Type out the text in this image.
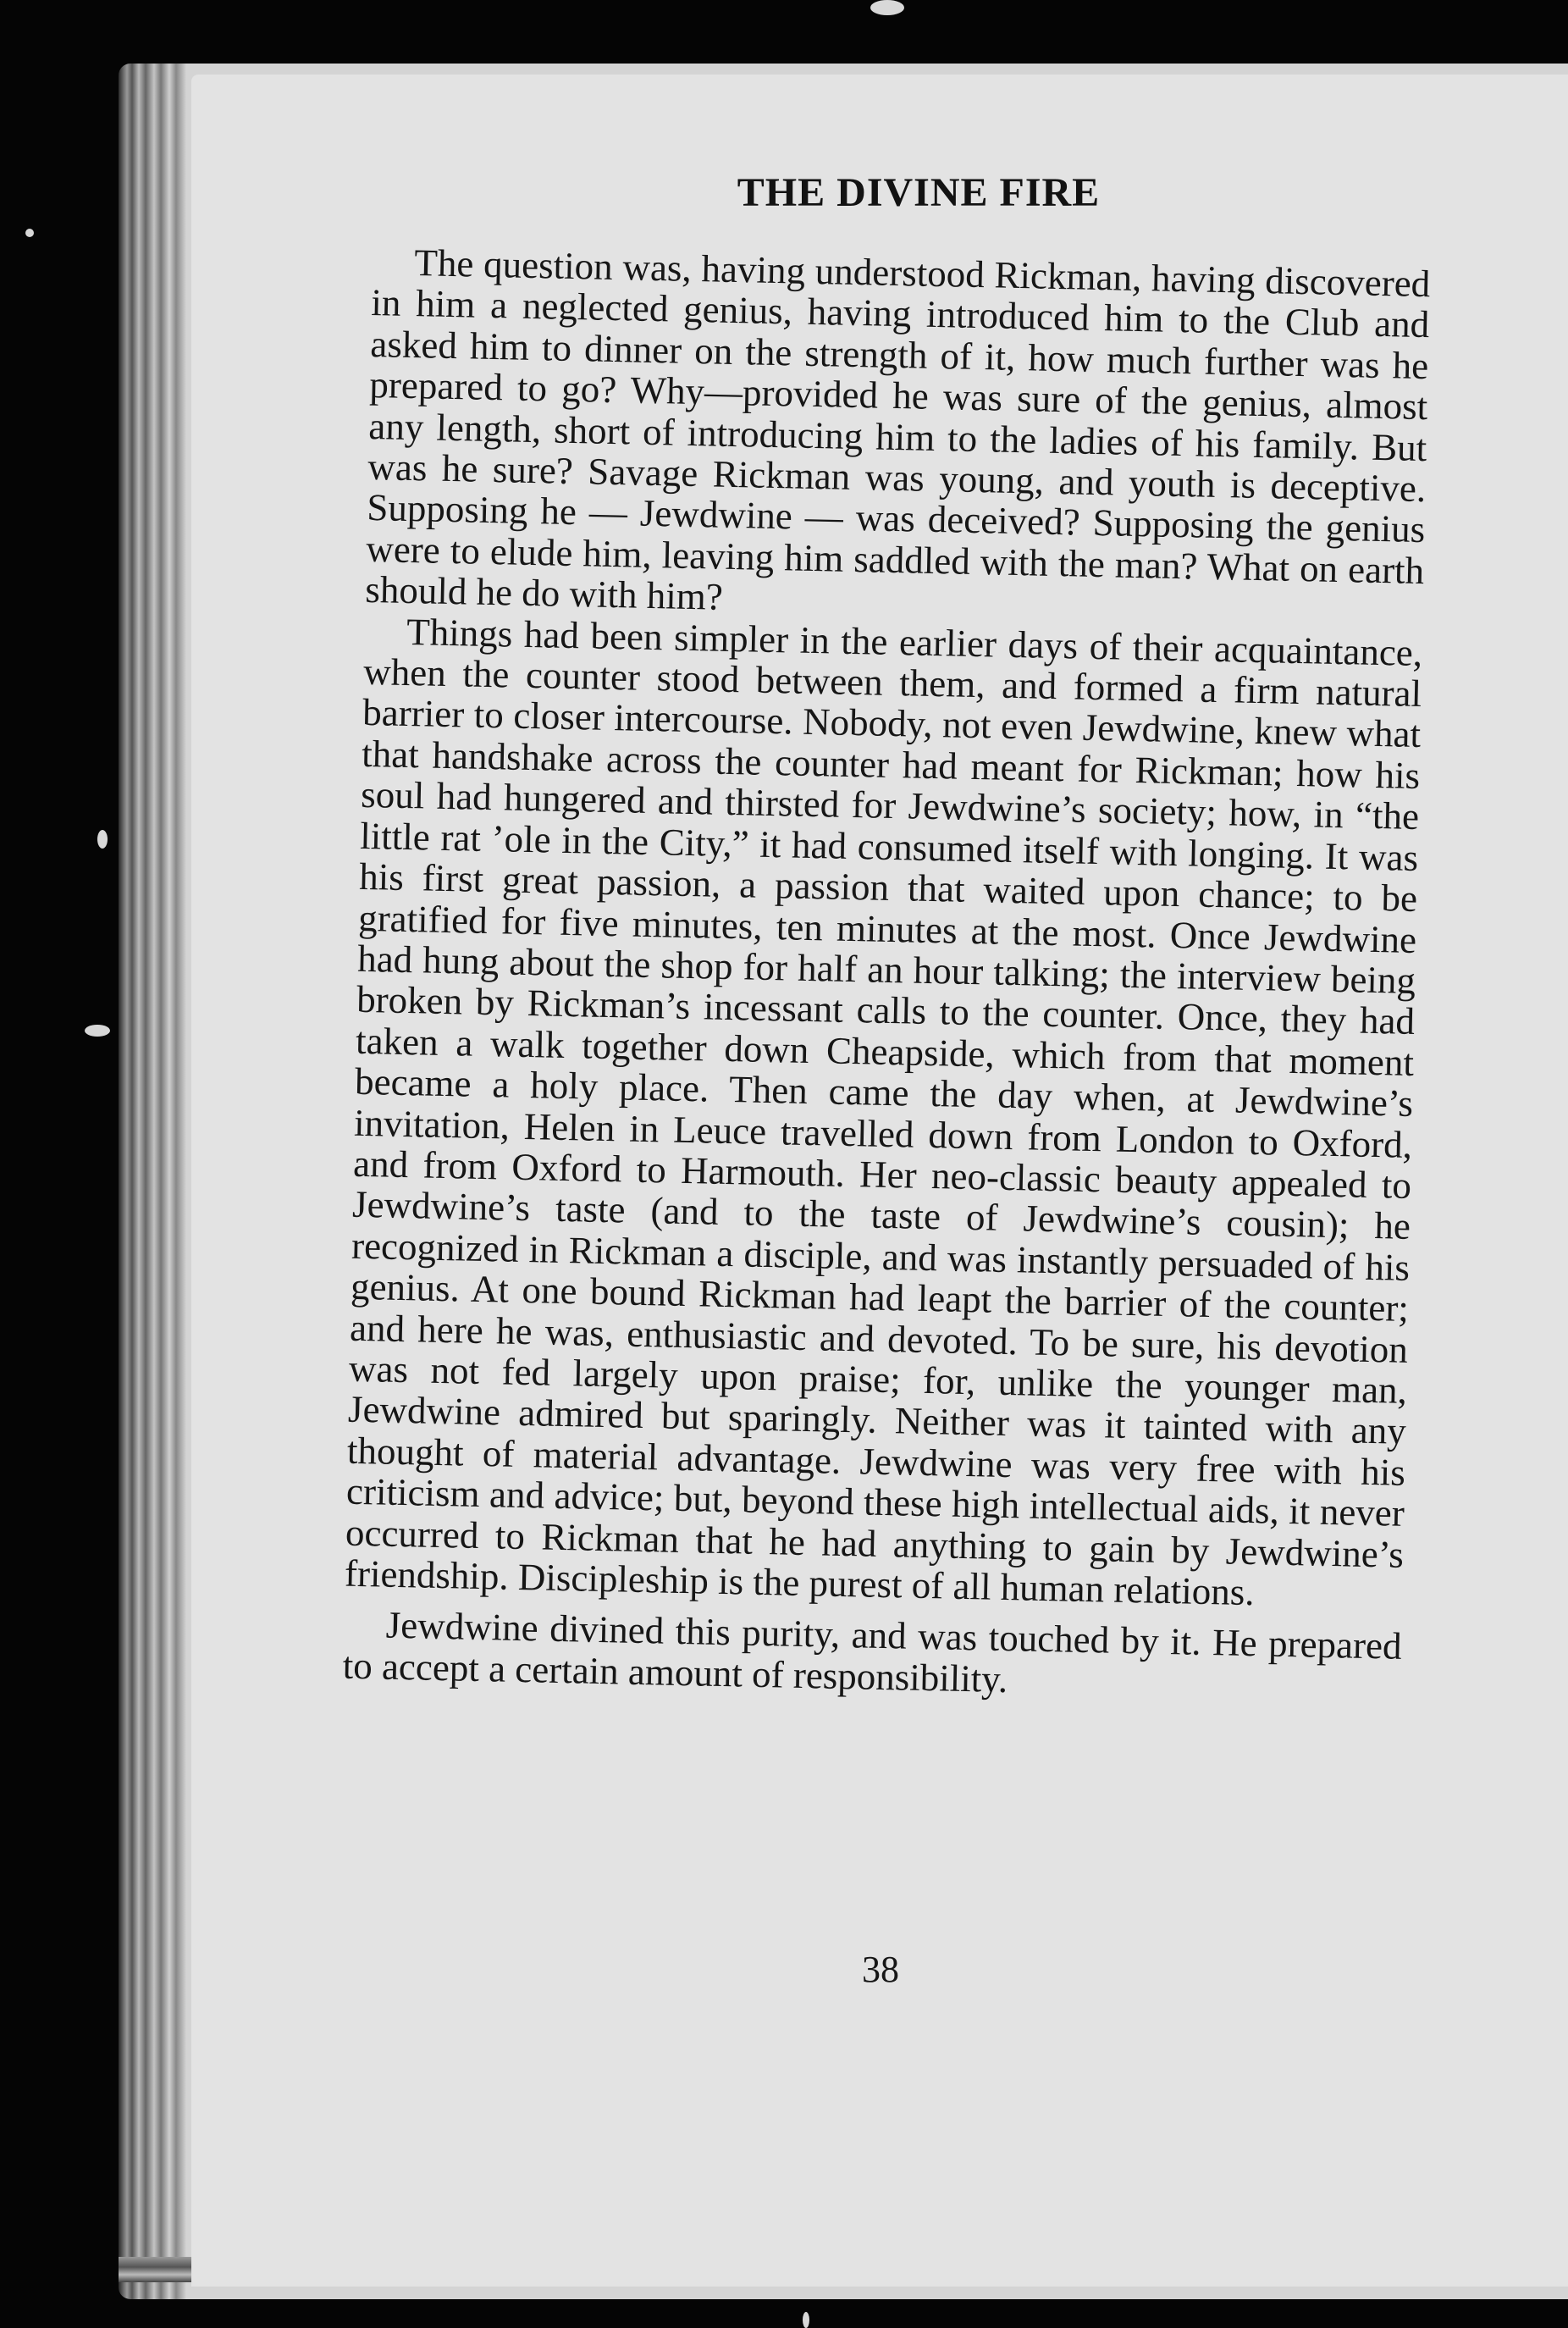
THE DIVINE FIRE

The question was, having understood Rickman, having discovered in him a neglected genius, having introduced him to the Club and asked him to dinner on the strength of it, how much further was he prepared to go? Why—provided he was sure of the genius, almost any length, short of introducing him to the ladies of his family. But was he sure? Savage Rickman was young, and youth is deceptive. Supposing he — Jewdwine — was deceived? Supposing the genius were to elude him, leaving him saddled with the man? What on earth should he do with him?

Things had been simpler in the earlier days of their acquaintance, when the counter stood between them, and formed a firm natural barrier to closer intercourse. Nobody, not even Jewdwine, knew what that handshake across the counter had meant for Rickman; how his soul had hungered and thirsted for Jewdwine’s society; how, in “the little rat ’ole in the City,” it had consumed itself with longing. It was his first great passion, a passion that waited upon chance; to be gratified for five minutes, ten minutes at the most. Once Jewdwine had hung about the shop for half an hour talking; the interview being broken by Rickman’s incessant calls to the counter. Once, they had taken a walk together down Cheapside, which from that moment became a holy place. Then came the day when, at Jewdwine’s invitation, Helen in Leuce travelled down from London to Oxford, and from Oxford to Harmouth. Her neo-classic beauty appealed to Jewdwine’s taste (and to the taste of Jewdwine’s cousin); he recognized in Rickman a disciple, and was instantly persuaded of his genius. At one bound Rickman had leapt the barrier of the counter; and here he was, enthusiastic and devoted. To be sure, his devotion was not fed largely upon praise; for, unlike the younger man, Jewdwine admired but sparingly. Neither was it tainted with any thought of material advantage. Jewdwine was very free with his criticism and advice; but, beyond these high intellectual aids, it never occurred to Rickman that he had anything to gain by Jewdwine’s friendship. Discipleship is the purest of all human relations.

Jewdwine divined this purity, and was touched by it. He prepared to accept a certain amount of responsibility.

38
